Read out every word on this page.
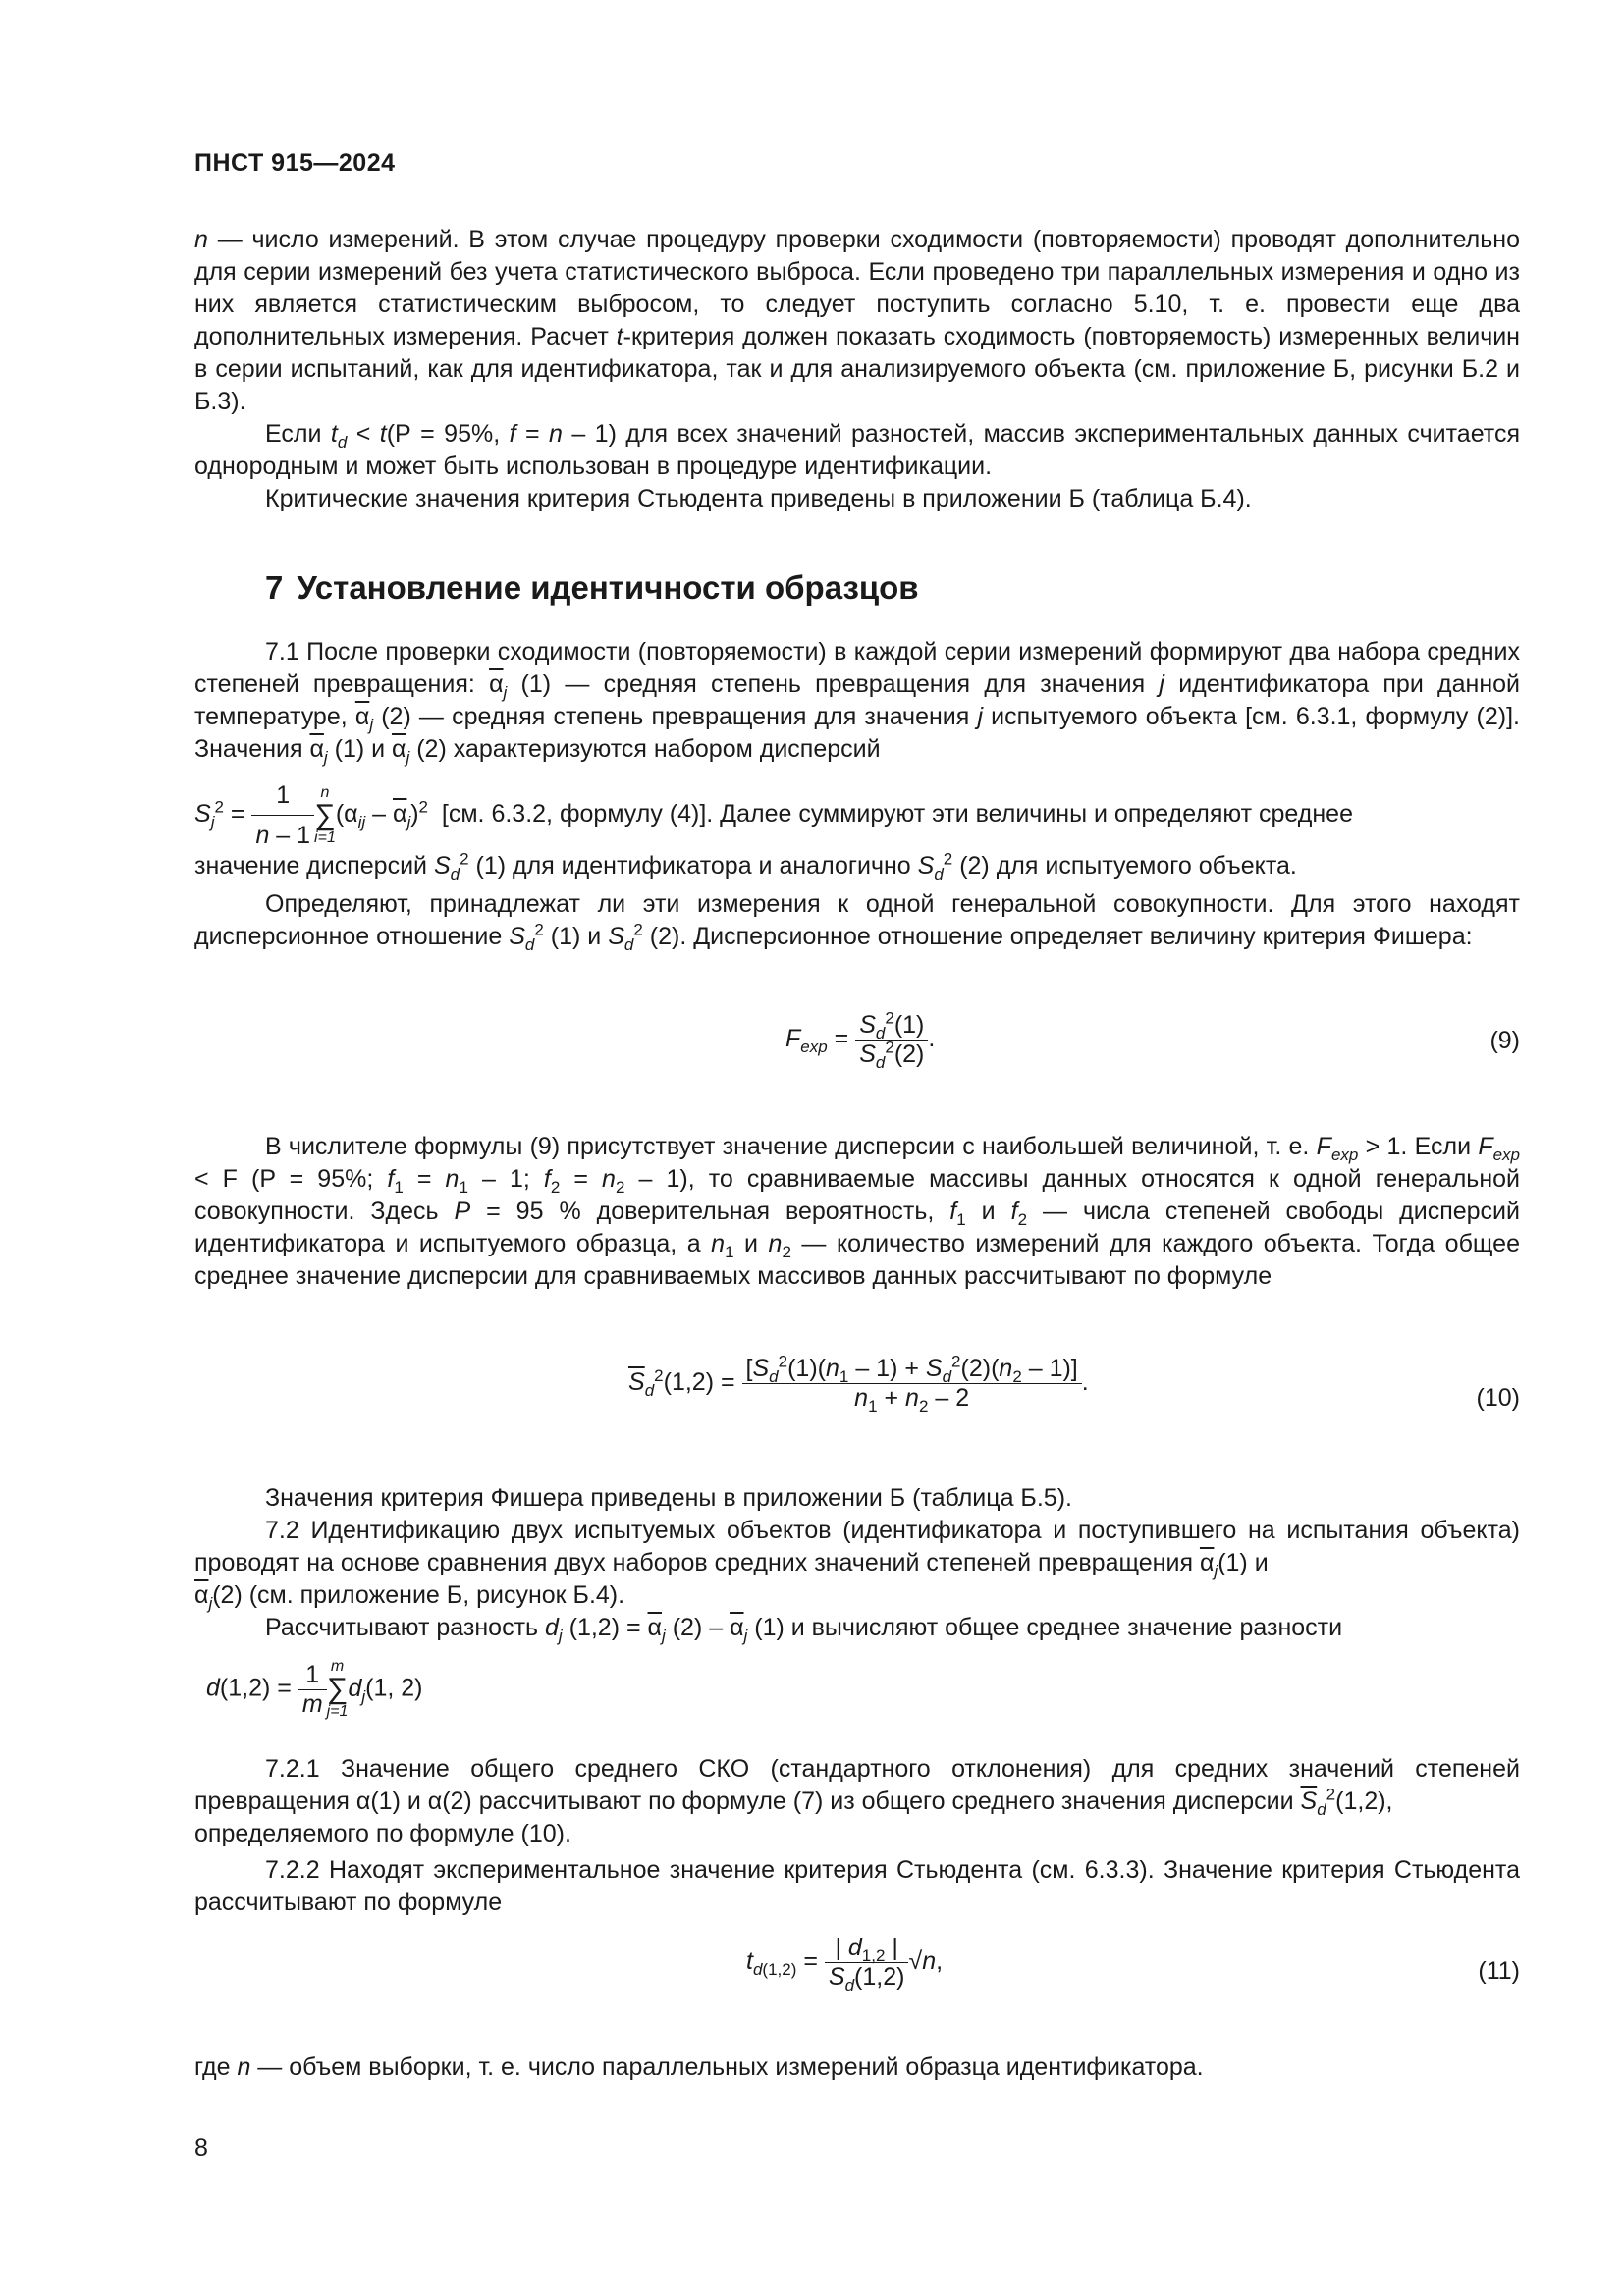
ПНСТ 915—2024

n — число измерений. В этом случае процедуру проверки сходимости (повторяемости) проводят дополнительно для серии измерений без учета статистического выброса. Если проведено три параллельных измерения и одно из них является статистическим выбросом, то следует поступить согласно 5.10, т. е. провести еще два дополнительных измерения. Расчет t-критерия должен показать сходимость (повторяемость) измеренных величин в серии испытаний, как для идентификатора, так и для анализируемого объекта (см. приложение Б, рисунки Б.2 и Б.3).

Если $t_d < t(Р = 95\%$, f = n – 1) для всех значений разностей, массив экспериментальных данных считается однородным и может быть использован в процедуре идентификации.

Критические значения критерия Стьюдента приведены в приложении Б (таблица Б.4).

7 Установление идентичности образцов

7.1 После проверки сходимости (повторяемости) в каждой серии измерений формируют два набора средних степеней превращения: $\overline{\alpha}_j$ (1) — средняя степень превращения для значения j идентификатора при данной температуре, $\overline{\alpha}_j$ (2) — средняя степень превращения для значения j испытуемого объекта [см. 6.3.1, формулу (2)]. Значения $\overline{\alpha}_j$ (1) и $\overline{\alpha}_j$ (2) характеризуются набором дисперсий

$S_j^2 = \frac{1}{n - 1}$ n
∑
i=1
$(\alpha_{ij} - \overline{\alpha}_j)^2$ [см. 6.3.2, формулу (4)]. Далее суммируют эти величины и определяют среднее

значение дисперсий $S_d^2$ (1) для идентификатора и аналогично $S_d^2$ (2) для испытуемого объекта.

Определяют, принадлежат ли эти измерения к одной генеральной совокупности. Для этого находят дисперсионное отношение $S_d^2$ (1) и $S_d^2$ (2). Дисперсионное отношение определяет величину критерия Фишера:

$F_{exp} = \frac{S_d^2(1)}{S_d^2(2)}$ .	(9)

В числителе формулы (9) присутствует значение дисперсии с наибольшей величиной, т. е. $F_{exp} > 1$. Если $F_{exp} < F$ (P = 95%; $f_1 = n_1 - 1$; $f_2 = n_2 - 1$), то сравниваемые массивы данных относятся к одной генеральной совокупности. Здесь P = 95 % доверительная вероятность, $f_1$ и $f_2$ — числа степеней свободы дисперсий идентификатора и испытуемого образца, а $n_1$ и $n_2$ — количество измерений для каждого объекта. Тогда общее среднее значение дисперсии для сравниваемых массивов данных рассчитывают по формуле

$\overline{S}_d^2(1,2) = \frac{[S_d^2(1)(n_1 - 1) + S_d^2(2)(n_2 - 1)]}{n_1 + n_2 - 2}$ .
(10)

Значения критерия Фишера приведены в приложении Б (таблица Б.5).

7.2 Идентификацию двух испытуемых объектов (идентификатора и поступившего на испытания объекта) проводят на основе сравнения двух наборов средних значений степеней превращения $\overline{\alpha}_j(1)$ и

$\overline{\alpha}_j(2)$ (см. приложение Б, рисунок Б.4).

Рассчитывают разность $d_j$ $(1,2) = \overline{\alpha}_j$ $(2) - \overline{\alpha}_j$ (1) и вычисляют общее среднее значение разности

$d(1,2) = \frac{1}{m}$ m
∑
j=1
$d_j(1$, 2)

7.2.1 Значение общего среднего СКО (стандартного отклонения) для средних значений степеней превращения α(1) и α(2) рассчитывают по формуле (7) из общего среднего значения дисперсии $\overline{S}_d^2(1,2)$,

определяемого по формуле (10).

7.2.2 Находят экспериментальное значение критерия Стьюдента (см. 6.3.3). Значение критерия Стьюдента рассчитывают по формуле

$t_{d(1,2)} = \frac{| d_{1,2} |}{S_d(1,2)} √n$,	(11)

где n — объем выборки, т. е. число параллельных измерений образца идентификатора.

8
